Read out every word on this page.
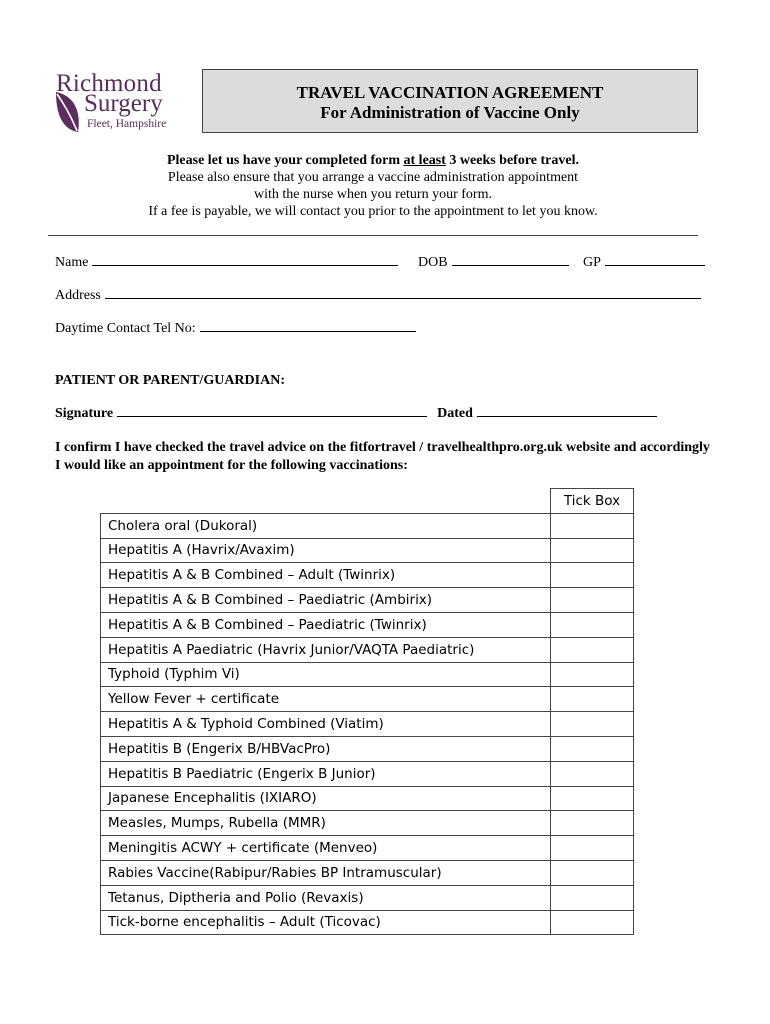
Richmond
Surgery
Fleet, Hampshire
TRAVEL VACCINATION AGREEMENT
For Administration of Vaccine Only
Please let us have your completed form at least 3 weeks before travel.
Please also ensure that you arrange a vaccine administration appointment
with the nurse when you return your form.
If a fee is payable, we will contact you prior to the appointment to let you know.
Name	DOB	GP
Address
Daytime Contact Tel No:
PATIENT OR PARENT/GUARDIAN:
Signature	Dated
I confirm I have checked the travel advice on the fitfortravel / travelhealthpro.org.uk website and accordingly I would like an appointment for the following vaccinations:
	Tick Box
Cholera oral (Dukoral)	
Hepatitis A (Havrix/Avaxim)	
Hepatitis A & B Combined – Adult (Twinrix)	
Hepatitis A & B Combined – Paediatric (Ambirix)	
Hepatitis A & B Combined – Paediatric (Twinrix)	
Hepatitis A Paediatric (Havrix Junior/VAQTA Paediatric)	
Typhoid (Typhim Vi)	
Yellow Fever + certificate	
Hepatitis A & Typhoid Combined (Viatim)	
Hepatitis B (Engerix B/HBVacPro)	
Hepatitis B Paediatric (Engerix B Junior)	
Japanese Encephalitis (IXIARO)	
Measles, Mumps, Rubella (MMR)	
Meningitis ACWY + certificate (Menveo)	
Rabies Vaccine(Rabipur/Rabies BP Intramuscular)	
Tetanus, Diptheria and Polio (Revaxis)	
Tick-borne encephalitis – Adult (Ticovac)	
